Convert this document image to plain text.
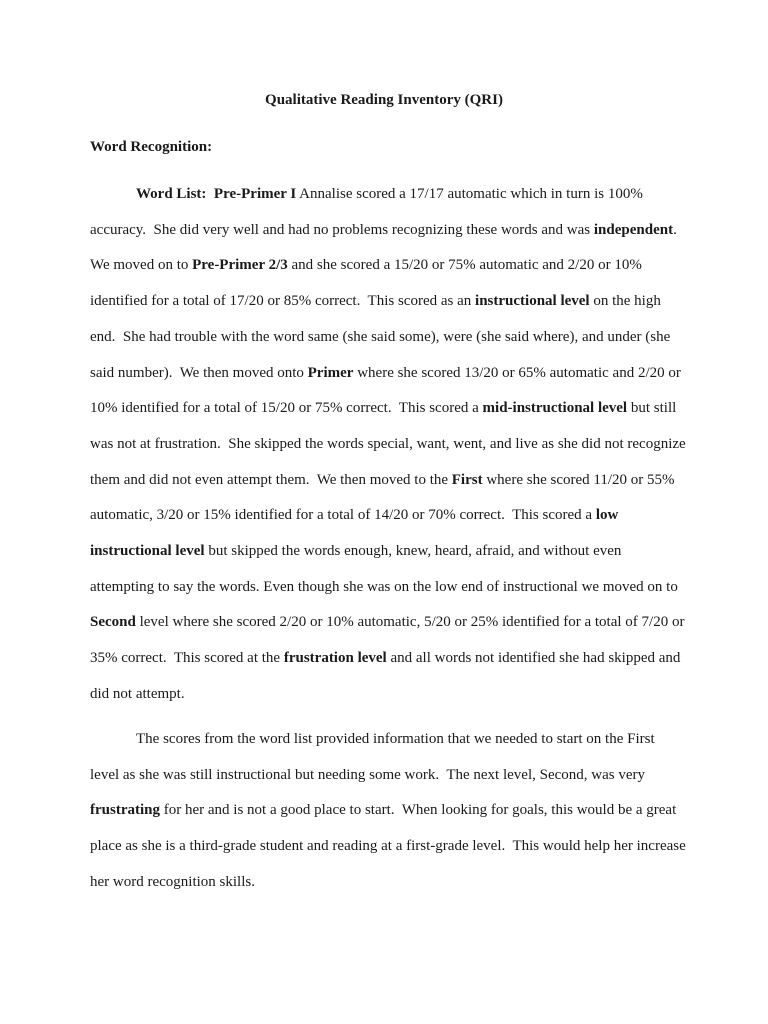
Qualitative Reading Inventory (QRI)
Word Recognition:

Word List:  Pre-Primer I Annalise scored a 17/17 automatic which in turn is 100% accuracy.  She did very well and had no problems recognizing these words and was independent.  We moved on to Pre-Primer 2/3 and she scored a 15/20 or 75% automatic and 2/20 or 10% identified for a total of 17/20 or 85% correct.  This scored as an instructional level on the high end.  She had trouble with the word same (she said some), were (she said where), and under (she said number).  We then moved onto Primer where she scored 13/20 or 65% automatic and 2/20 or 10% identified for a total of 15/20 or 75% correct.  This scored a mid-instructional level but still was not at frustration.  She skipped the words special, want, went, and live as she did not recognize them and did not even attempt them.  We then moved to the First where she scored 11/20 or 55% automatic, 3/20 or 15% identified for a total of 14/20 or 70% correct.  This scored a low instructional level but skipped the words enough, knew, heard, afraid, and without even attempting to say the words. Even though she was on the low end of instructional we moved on to Second level where she scored 2/20 or 10% automatic, 5/20 or 25% identified for a total of 7/20 or 35% correct.  This scored at the frustration level and all words not identified she had skipped and did not attempt.

The scores from the word list provided information that we needed to start on the First level as she was still instructional but needing some work.  The next level, Second, was very frustrating for her and is not a good place to start.  When looking for goals, this would be a great place as she is a third-grade student and reading at a first-grade level.  This would help her increase her word recognition skills.
